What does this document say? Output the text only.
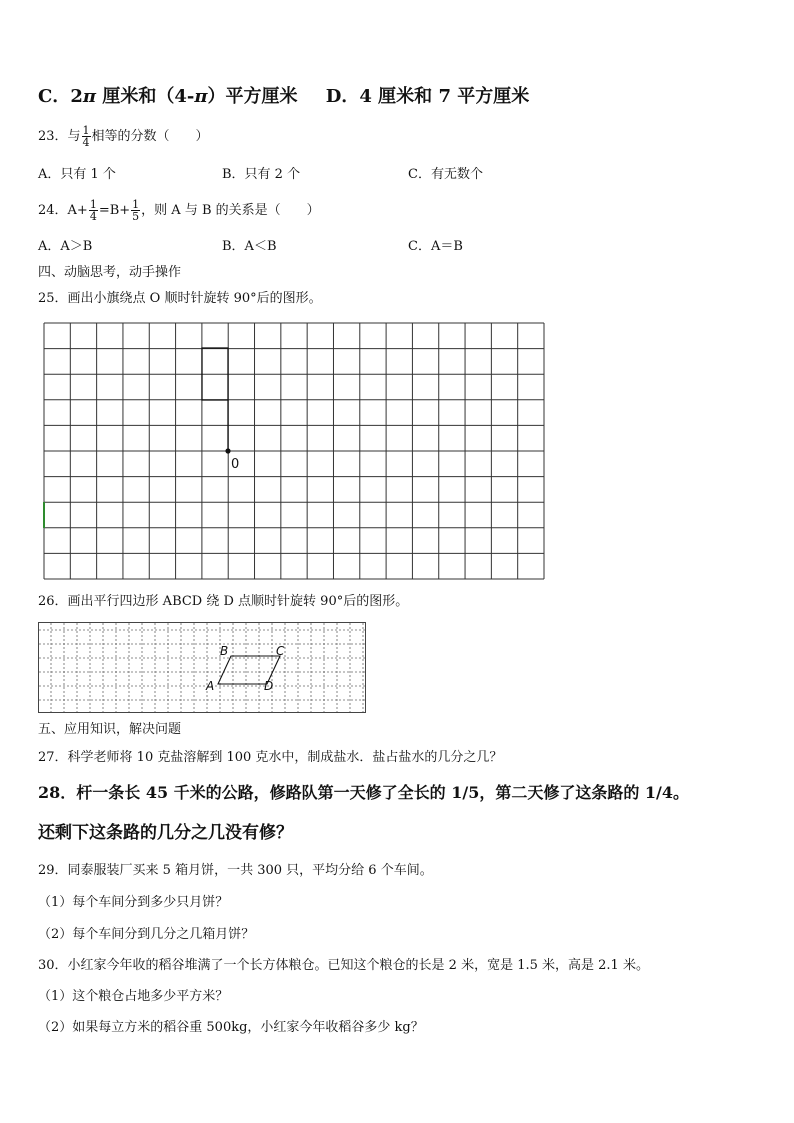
C．2π 厘米和（4-π）平方厘米 D．4 厘米和 7 平方厘米
23．与 $\frac{1}{4}$ 相等的分数（　　）
A．只有 1 个	B．只有 2 个	C．有无数个
24．$A+ \frac{1}{4} =B+ \frac{1}{5}$ ，则 A 与 B 的关系是（　　）
A．A＞B	B．A＜B	C．A＝B
四、动脑思考，动手操作
25．画出小旗绕点 O 顺时针旋转 90°后的图形。
0
26．画出平行四边形 ABCD 绕 D 点顺时针旋转 90°后的图形。
A
B	C
D
五、应用知识，解决问题
27．科学老师将 10 克盐溶解到 100 克水中，制成盐水．盐占盐水的几分之几？
28．杆一条长 45 千米的公路，修路队第一天修了全长的 1/5，第二天修了这条路的 1/4。
还剩下这条路的几分之几没有修？
29．同泰服装厂买来 5 箱月饼，一共 300 只，平均分给 6 个车间。
（1）每个车间分到多少只月饼？
（2）每个车间分到几分之几箱月饼？
30．小红家今年收的稻谷堆满了一个长方体粮仓。已知这个粮仓的长是 2 米，宽是 1.5 米，高是 2.1 米。
（1）这个粮仓占地多少平方米？
（2）如果每立方米的稻谷重 500kg，小红家今年收稻谷多少 kg？
